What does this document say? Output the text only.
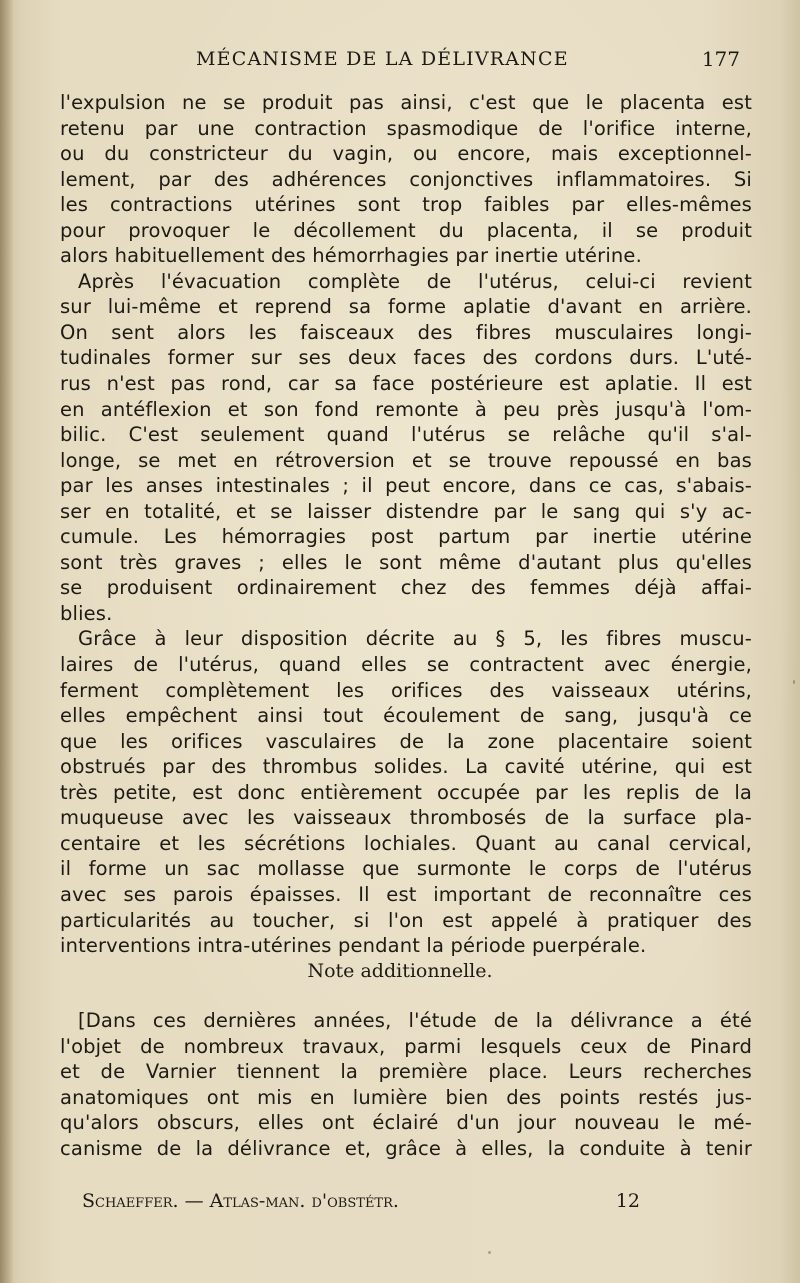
MÉCANISME DE LA DÉLIVRANCE	177
l'expulsion ne se produit pas ainsi, c'est que le placenta est
retenu par une contraction spasmodique de l'orifice interne,
ou du constricteur du vagin, ou encore, mais exceptionnel-
lement, par des adhérences conjonctives inflammatoires. Si
les contractions utérines sont trop faibles par elles-mêmes
pour provoquer le décollement du placenta, il se produit
alors habituellement des hémorrhagies par inertie utérine.
Après l'évacuation complète de l'utérus, celui-ci revient
sur lui-même et reprend sa forme aplatie d'avant en arrière.
On sent alors les faisceaux des fibres musculaires longi-
tudinales former sur ses deux faces des cordons durs. L'uté-
rus n'est pas rond, car sa face postérieure est aplatie. Il est
en antéflexion et son fond remonte à peu près jusqu'à l'om-
bilic. C'est seulement quand l'utérus se relâche qu'il s'al-
longe, se met en rétroversion et se trouve repoussé en bas
par les anses intestinales ; il peut encore, dans ce cas, s'abais-
ser en totalité, et se laisser distendre par le sang qui s'y ac-
cumule. Les hémorragies post partum par inertie utérine
sont très graves ; elles le sont même d'autant plus qu'elles
se produisent ordinairement chez des femmes déjà affai-
blies.
Grâce à leur disposition décrite au § 5, les fibres muscu-
laires de l'utérus, quand elles se contractent avec énergie,
ferment complètement les orifices des vaisseaux utérins,
elles empêchent ainsi tout écoulement de sang, jusqu'à ce
que les orifices vasculaires de la zone placentaire soient
obstrués par des thrombus solides. La cavité utérine, qui est
très petite, est donc entièrement occupée par les replis de la
muqueuse avec les vaisseaux thrombosés de la surface pla-
centaire et les sécrétions lochiales. Quant au canal cervical,
il forme un sac mollasse que surmonte le corps de l'utérus
avec ses parois épaisses. Il est important de reconnaître ces
particularités au toucher, si l'on est appelé à pratiquer des
interventions intra-utérines pendant la période puerpérale.
Note additionnelle.
[Dans ces dernières années, l'étude de la délivrance a été
l'objet de nombreux travaux, parmi lesquels ceux de Pinard
et de Varnier tiennent la première place. Leurs recherches
anatomiques ont mis en lumière bien des points restés jus-
qu'alors obscurs, elles ont éclairé d'un jour nouveau le mé-
canisme de la délivrance et, grâce à elles, la conduite à tenir
Schaeffer. — Atlas-man. d'obstétr.	12
